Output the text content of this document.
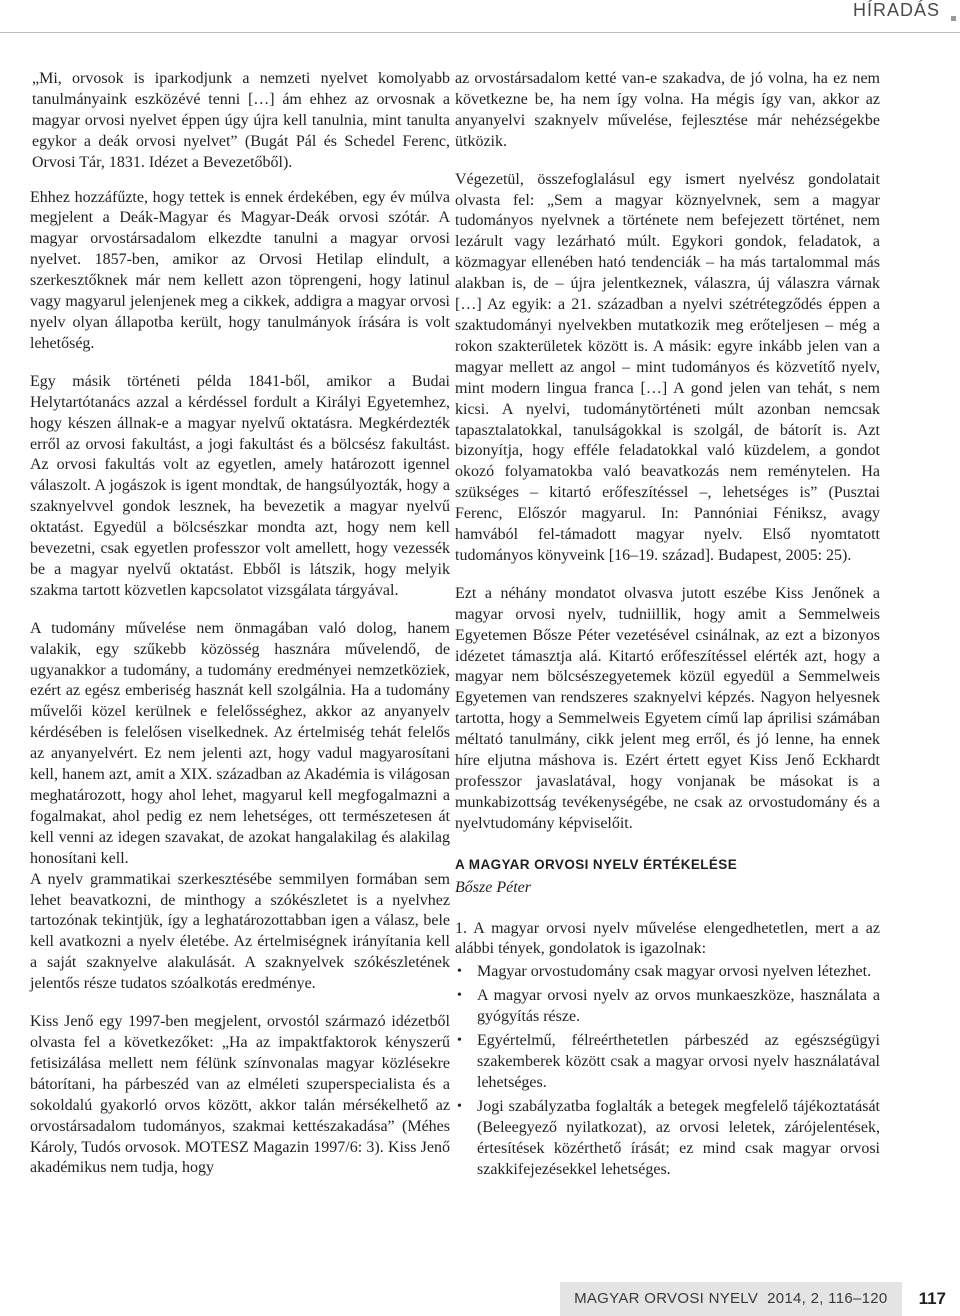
HÍRADÁS

„Mi, orvosok is iparkodjunk a nemzeti nyelvet komolyabb tanulmányaink eszközévé tenni […] ám ehhez az orvosnak a magyar orvosi nyelvet éppen úgy újra kell tanulnia, mint tanulta egykor a deák orvosi nyelvet” (Bugát Pál és Schedel Ferenc, Orvosi Tár, 1831. Idézet a Bevezetőből).

Ehhez hozzáfűzte, hogy tettek is ennek érdekében, egy év múlva megjelent a Deák-Magyar és Magyar-Deák orvosi szótár. A magyar orvostársadalom elkezdte tanulni a magyar orvosi nyelvet. 1857-ben, amikor az Orvosi Hetilap elindult, a szerkesztőknek már nem kellett azon töprengeni, hogy latinul vagy magyarul jelenjenek meg a cikkek, addigra a magyar orvosi nyelv olyan állapotba került, hogy tanulmányok írására is volt lehetőség.

Egy másik történeti példa 1841-ből, amikor a Budai Helytartótanács azzal a kérdéssel fordult a Királyi Egyetemhez, hogy készen állnak-e a magyar nyelvű oktatásra. Megkérdezték erről az orvosi fakultást, a jogi fakultást és a bölcsész fakultást. Az orvosi fakultás volt az egyetlen, amely határozott igennel válaszolt. A jogászok is igent mondtak, de hangsúlyozták, hogy a szaknyelvvel gondok lesznek, ha bevezetik a magyar nyelvű oktatást. Egyedül a bölcsészkar mondta azt, hogy nem kell bevezetni, csak egyetlen professzor volt amellett, hogy vezessék be a magyar nyelvű oktatást. Ebből is látszik, hogy melyik szakma tartott közvetlen kapcsolatot vizsgálata tárgyával.

A tudomány művelése nem önmagában való dolog, hanem valakik, egy szűkebb közösség hasznára művelendő, de ugyanakkor a tudomány, a tudomány eredményei nemzetköziek, ezért az egész emberiség hasznát kell szolgálnia. Ha a tudomány művelői közel kerülnek e felelősséghez, akkor az anyanyelv kérdésében is felelősen viselkednek. Az értelmiség tehát felelős az anyanyelvért. Ez nem jelenti azt, hogy vadul magyarosítani kell, hanem azt, amit a XIX. században az Akadémia is világosan meghatározott, hogy ahol lehet, magyarul kell megfogalmazni a fogalmakat, ahol pedig ez nem lehetséges, ott természetesen át kell venni az idegen szavakat, de azokat hangalakilag és alakilag honosítani kell.

A nyelv grammatikai szerkesztésébe semmilyen formában sem lehet beavatkozni, de minthogy a szókészletet is a nyelvhez tartozónak tekintjük, így a leghatározottabban igen a válasz, bele kell avatkozni a nyelv életébe. Az értelmiségnek irányítania kell a saját szaknyelve alakulását. A szaknyelvek szókészletének jelentős része tudatos szóalkotás eredménye.

Kiss Jenő egy 1997-ben megjelent, orvostól származó idézetből olvasta fel a következőket: „Ha az impaktfaktorok kényszerű fetisizálása mellett nem félünk színvonalas magyar közlésekre bátorítani, ha párbeszéd van az elméleti szuperspecialista és a sokoldalú gyakorló orvos között, akkor talán mérsékelhető az orvostársadalom tudományos, szakmai kettészakadása” (Méhes Károly, Tudós orvosok. MOTESZ Magazin 1997/6: 3). Kiss Jenő akadémikus nem tudja, hogy

az orvostársadalom ketté van-e szakadva, de jó volna, ha ez nem következne be, ha nem így volna. Ha mégis így van, akkor az anyanyelvi szaknyelv művelése, fejlesztése már nehézségekbe ütközik.

Végezetül, összefoglalásul egy ismert nyelvész gondolatait olvasta fel: „Sem a magyar köznyelvnek, sem a magyar tudományos nyelvnek a története nem befejezett történet, nem lezárult vagy lezárható múlt. Egykori gondok, feladatok, a közmagyar ellenében ható tendenciák – ha más tartalommal más alakban is, de – újra jelentkeznek, válaszra, új válaszra várnak […] Az egyik: a 21. században a nyelvi szétrétegződés éppen a szaktudományi nyelvekben mutatkozik meg erőteljesen – még a rokon szakterületek között is. A másik: egyre inkább jelen van a magyar mellett az angol – mint tudományos és közvetítő nyelv, mint modern lingua franca […] A gond jelen van tehát, s nem kicsi. A nyelvi, tudománytörténeti múlt azonban nemcsak tapasztalatokkal, tanulságokkal is szolgál, de bátorít is. Azt bizonyítja, hogy efféle feladatokkal való küzdelem, a gondot okozó folyamatokba való beavatkozás nem reménytelen. Ha szükséges – kitartó erőfeszítéssel –, lehetséges is” (Pusztai Ferenc, Előszór magyarul. In: Pannóniai Féniksz, avagy hamvából fel-támadott magyar nyelv. Első nyomtatott tudományos könyveink [16–19. század]. Budapest, 2005: 25).

Ezt a néhány mondatot olvasva jutott eszébe Kiss Jenőnek a magyar orvosi nyelv, tudniillik, hogy amit a Semmelweis Egyetemen Bősze Péter vezetésével csinálnak, az ezt a bizonyos idézetet támasztja alá. Kitartó erőfeszítéssel elérték azt, hogy a magyar nem bölcsészegyetemek közül egyedül a Semmelweis Egyetemen van rendszeres szaknyelvi képzés. Nagyon helyesnek tartotta, hogy a Semmelweis Egyetem című lap áprilisi számában méltató tanulmány, cikk jelent meg erről, és jó lenne, ha ennek híre eljutna máshova is. Ezért értett egyet Kiss Jenő Eckhardt professzor javaslatával, hogy vonjanak be másokat is a munkabizottság tevékenységébe, ne csak az orvostudomány és a nyelvtudomány képviselőit.

A MAGYAR ORVOSI NYELV ÉRTÉKELÉSE
Bősze Péter

1. A magyar orvosi nyelv művelése elengedhetetlen, mert a az alábbi tények, gondolatok is igazolnak:

• Magyar orvostudomány csak magyar orvosi nyelven létezhet.
• A magyar orvosi nyelv az orvos munkaeszköze, használata a gyógyítás része.
• Egyértelmű, félreérthetetlen párbeszéd az egészségügyi szakemberek között csak a magyar orvosi nyelv használatával lehetséges.
• Jogi szabályzatba foglalták a betegek megfelelő tájékoztatását (Beleegyező nyilatkozat), az orvosi leletek, zárójelentések, értesítések közérthető írását; ez mind csak magyar orvosi szakkifejezésekkel lehetséges.
MAGYAR ORVOSI NYELV 2014, 2, 116–120	117
